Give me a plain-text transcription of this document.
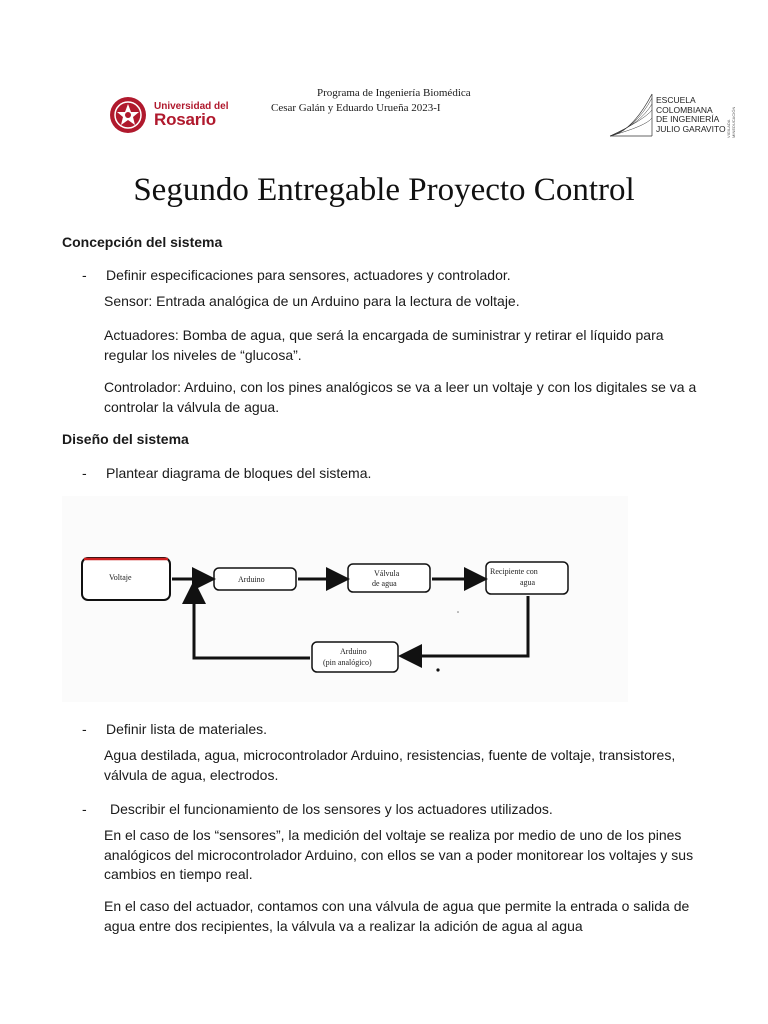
Programa de Ingeniería Biomédica
Cesar Galán y Eduardo Urueña 2023-I
Universidad del
Rosario
ESCUELA
COLOMBIANA
DE INGENIERÍA
JULIO GARAVITO VIGILADA MINEDUCACIÓN
Segundo Entregable Proyecto Control
Concepción del sistema
- Definir especificaciones para sensores, actuadores y controlador.
Sensor: Entrada analógica de un Arduino para la lectura de voltaje.
Actuadores: Bomba de agua, que será la encargada de suministrar y retirar el líquido para regular los niveles de “glucosa”.
Controlador: Arduino, con los pines analógicos se va a leer un voltaje y con los digitales se va a controlar la válvula de agua.
Diseño del sistema
- Plantear diagrama de bloques del sistema.
Voltaje	Arduino
Válvula
de agua
Recipiente con
agua
Arduino
(pin analógico)
- Definir lista de materiales.
Agua destilada, agua, microcontrolador Arduino, resistencias, fuente de voltaje, transistores, válvula de agua, electrodos.
- Describir el funcionamiento de los sensores y los actuadores utilizados.
En el caso de los “sensores”, la medición del voltaje se realiza por medio de uno de los pines analógicos del microcontrolador Arduino, con ellos se van a poder monitorear los voltajes y sus cambios en tiempo real.
En el caso del actuador, contamos con una válvula de agua que permite la entrada o salida de agua entre dos recipientes, la válvula va a realizar la adición de agua al agua
